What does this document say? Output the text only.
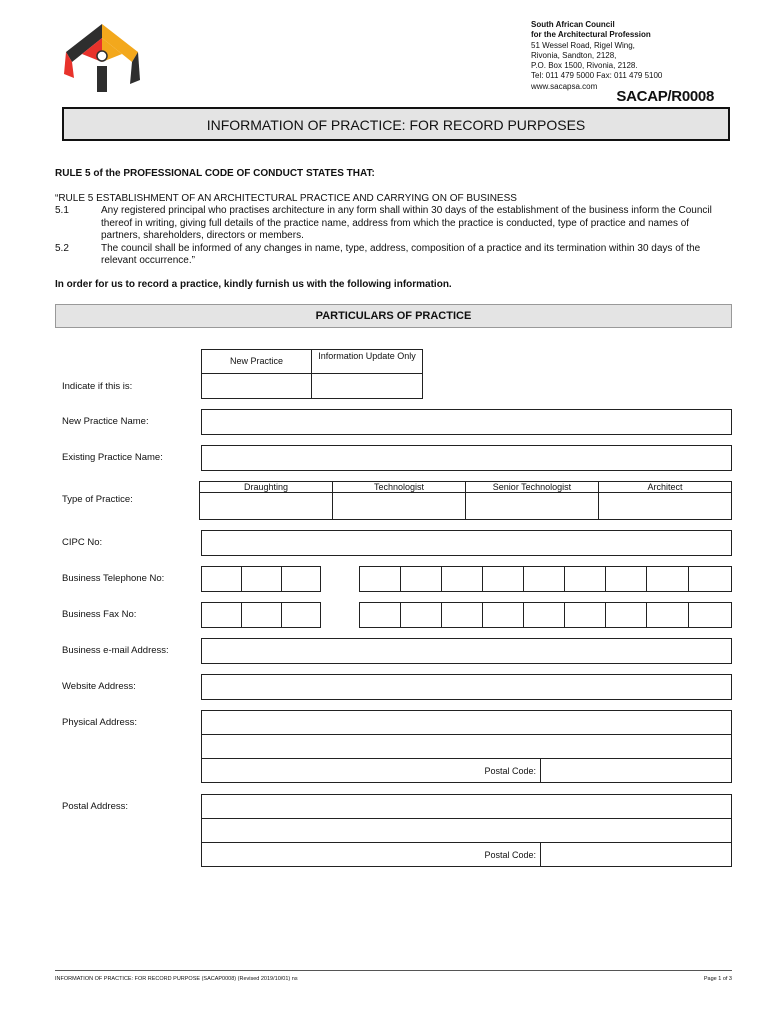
South African Council
for the Architectural Profession
51 Wessel Road, Rigel Wing,
Rivonia, Sandton, 2128,
P.O. Box 1500, Rivonia, 2128.
Tel: 011 479 5000 Fax: 011 479 5100
www.sacapsa.com
SACAP/R0008
INFORMATION OF PRACTICE: FOR RECORD PURPOSES
RULE 5 of the PROFESSIONAL CODE OF CONDUCT STATES THAT:
“RULE 5 ESTABLISHMENT OF AN ARCHITECTURAL PRACTICE AND CARRYING ON OF BUSINESS
5.1	Any registered principal who practises architecture in any form shall within 30 days of the establishment of the business inform the Council thereof in writing, giving full details of the practice name, address from which the practice is conducted, type of practice and names of partners, shareholders, directors or members.
5.2	The council shall be informed of any changes in name, type, address, composition of a practice and its termination within 30 days of the relevant occurrence.”
In order for us to record a practice, kindly furnish us with the following information.
PARTICULARS OF PRACTICE
New Practice	Information Update Only
Indicate if this is:
New Practice Name:
Existing Practice Name:
Type of Practice:
Draughting	Technologist	Senior Technologist	Architect
CIPC No:
Business Telephone No:
Business Fax No:
Business e-mail Address:
Website Address:
Physical Address:
Postal Code:
Postal Address:
Postal Code:
INFORMATION OF PRACTICE: FOR RECORD PURPOSE (SACAP0008) (Revised 2019/10/01) ns	Page 1 of 3
